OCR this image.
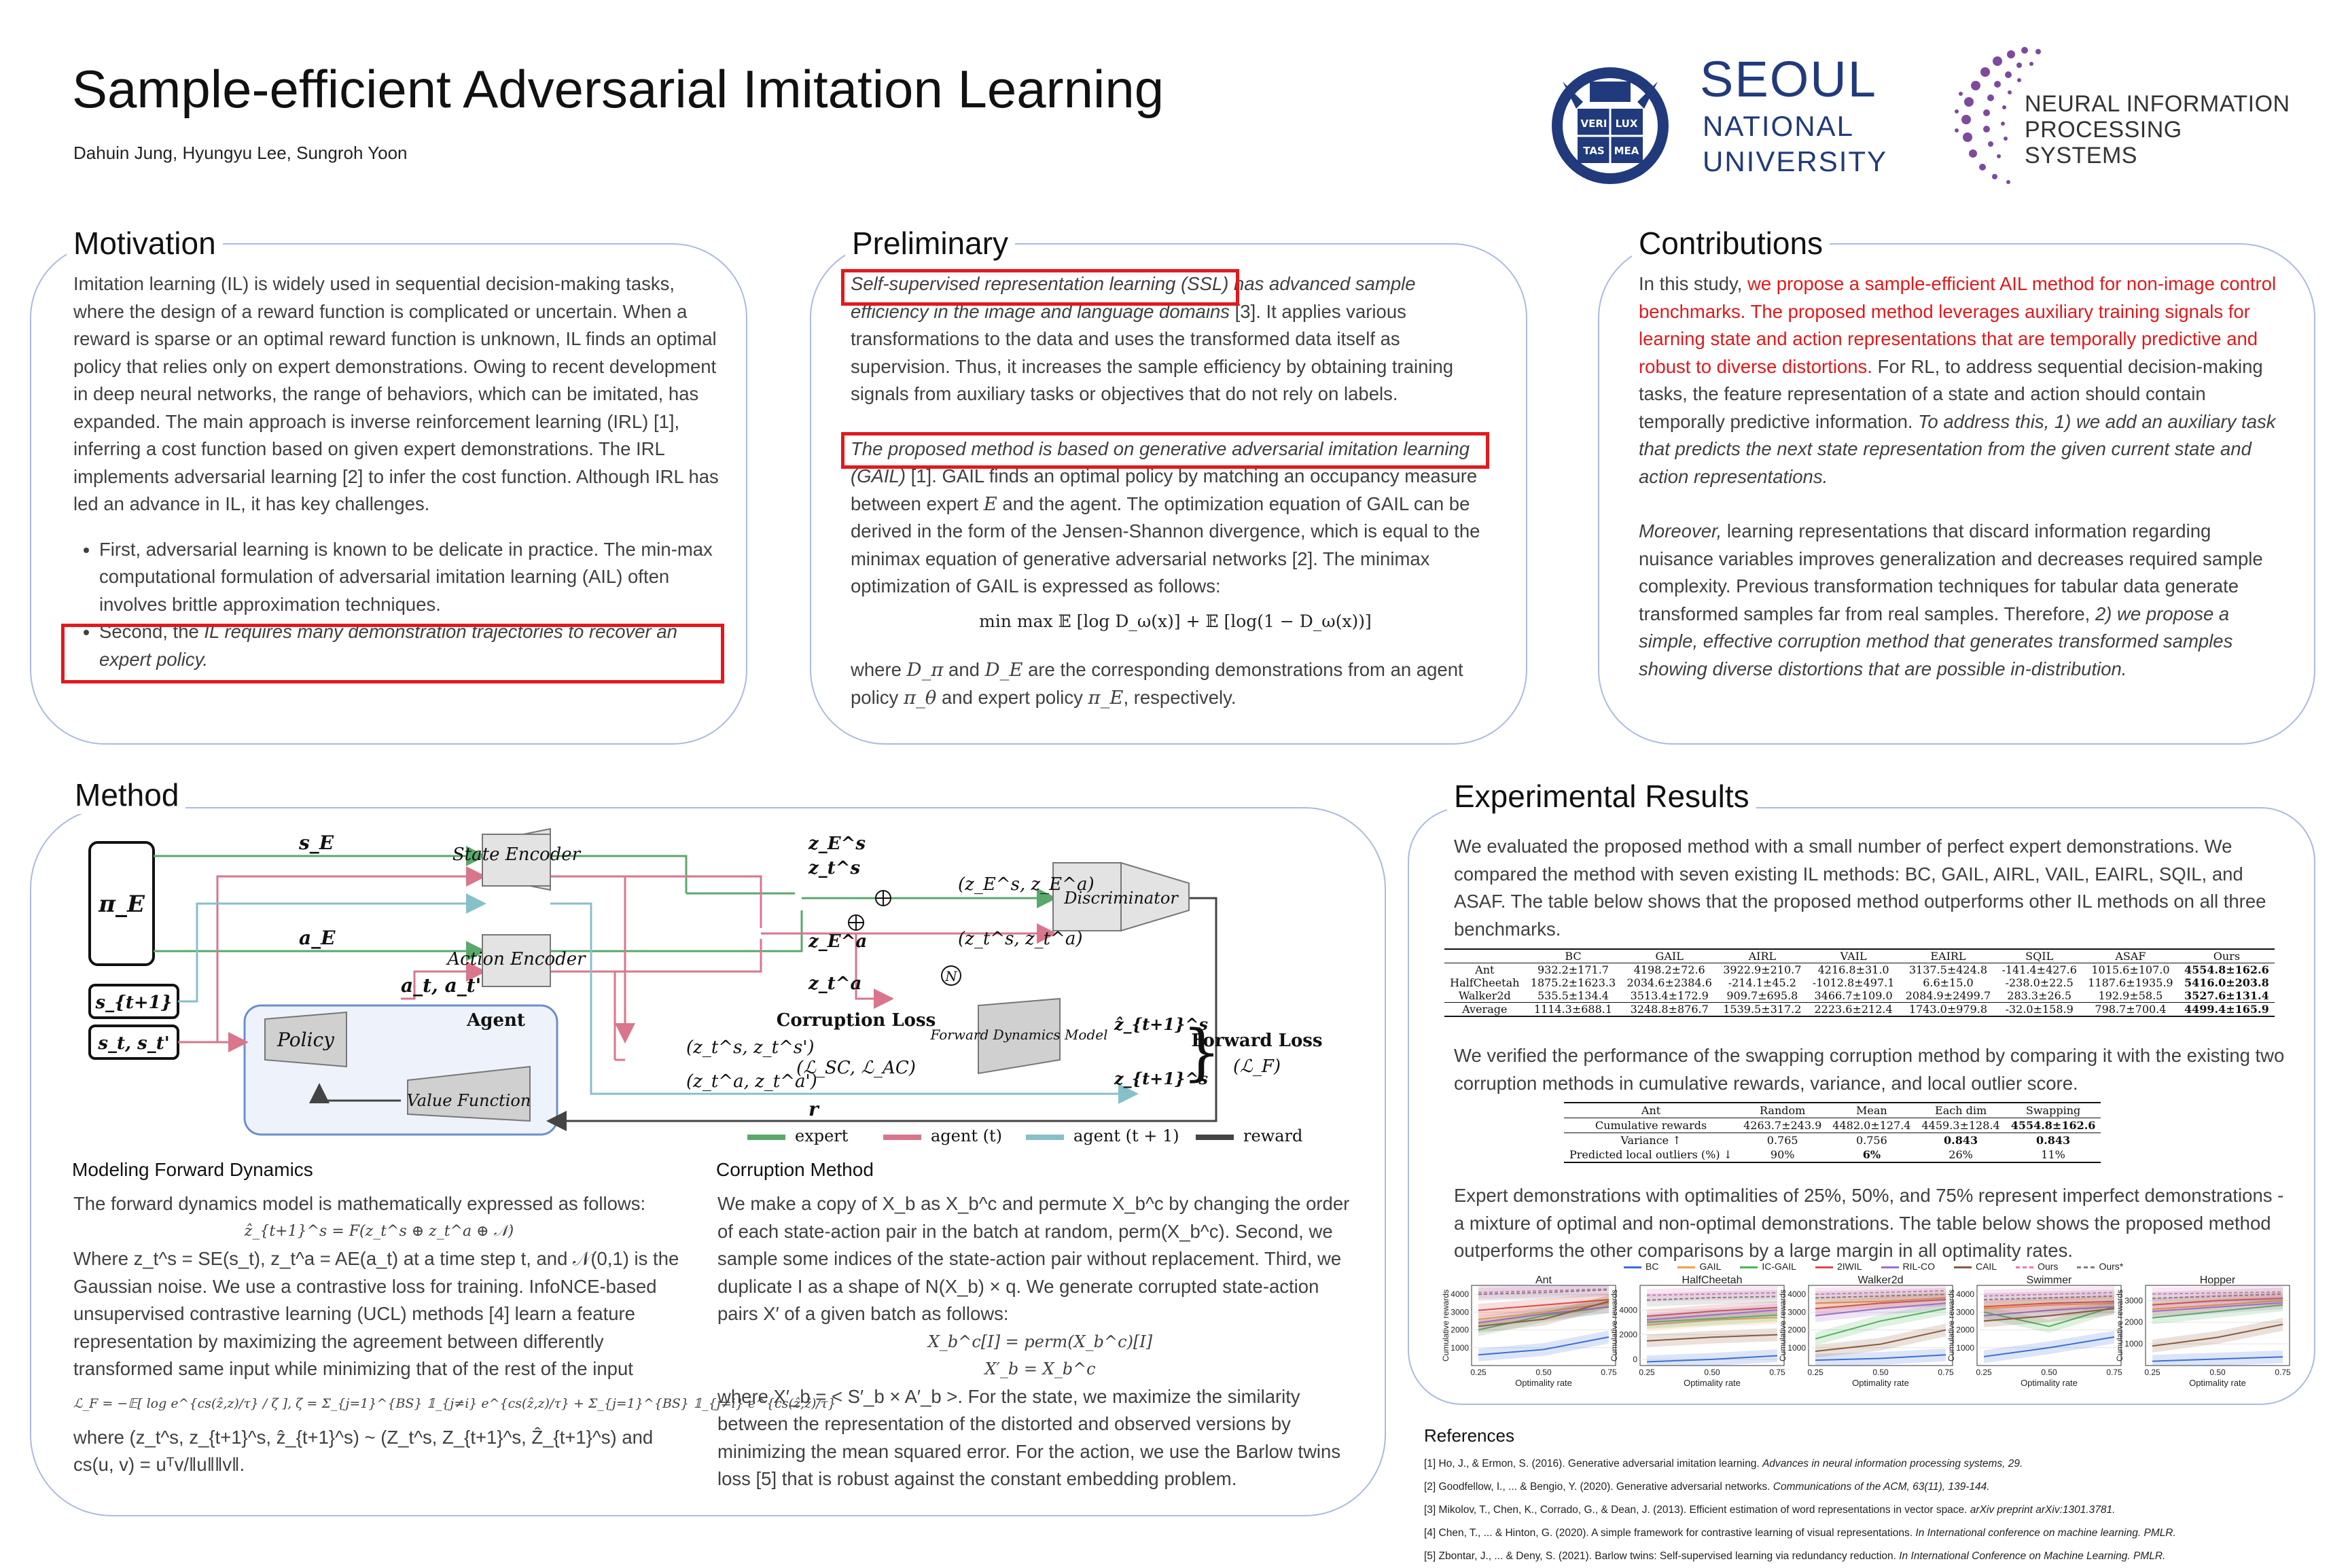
Sample-efficient Adversarial Imitation Learning
Dahuin Jung, Hyungyu Lee, Sungroh Yoon
VERI LUX
TAS MEA
SEOUL
NATIONAL
UNIVERSITY
NEURAL INFORMATION
PROCESSING SYSTEMS
Motivation

Imitation learning (IL) is widely used in sequential decision-making tasks, where the design of a reward function is complicated or uncertain. When a reward is sparse or an optimal reward function is unknown, IL finds an optimal policy that relies only on expert demonstrations. Owing to recent development in deep neural networks, the range of behaviors, which can be imitated, has expanded. The main approach is inverse reinforcement learning (IRL) [1], inferring a cost function based on given expert demonstrations. The IRL implements adversarial learning [2] to infer the cost function. Although IRL has led an advance in IL, it has key challenges.

• First, adversarial learning is known to be delicate in practice. The min-max computational formulation of adversarial imitation learning (AIL) often involves brittle approximation techniques.
• Second, the IL requires many demonstration trajectories to recover an expert policy.
Preliminary

Self-supervised representation learning (SSL) has advanced sample efficiency in the image and language domains [3]. It applies various transformations to the data and uses the transformed data itself as supervision. Thus, it increases the sample efficiency by obtaining training signals from auxiliary tasks or objectives that do not rely on labels.

The proposed method is based on generative adversarial imitation learning (GAIL) [1]. GAIL finds an optimal policy by matching an occupancy measure between expert E and the agent. The optimization equation of GAIL can be derived in the form of the Jensen-Shannon divergence, which is equal to the minimax equation of generative adversarial networks [2]. The minimax optimization of GAIL is expressed as follows:

min max 𝔼 [log D_ω(x)] + 𝔼 [log(1 − D_ω(x))]
where D_π and D_E are the corresponding demonstrations from an agent policy π_θ and expert policy π_E, respectively.
Contributions

In this study, we propose a sample-efficient AIL method for non-image control benchmarks. The proposed method leverages auxiliary training signals for learning state and action representations that are temporally predictive and robust to diverse distortions. For RL, to address sequential decision-making tasks, the feature representation of a state and action should contain temporally predictive information. To address this, 1) we add an auxiliary task that predicts the next state representation from the given current state and action representations.

Moreover, learning representations that discard information regarding nuisance variables improves generalization and decreases required sample complexity. Previous transformation techniques for tabular data generate transformed samples far from real samples. Therefore, 2) we propose a simple, effective corruption method that generates transformed samples showing diverse distortions that are possible in-distribution.

Method
π_E
s_{t+1}
s_t, s_t'
State Encoder
Action Encoder
Policy
Agent
Value Function
Discriminator
Forward Dynamics Model
z_E^s
z_t^s
z_E^a
z_t^a
s_E
a_E
a_t, a_t'
(z_E^s, z_E^a)
(z_t^s, z_t^a)
(z_t^s, z_t^s')
(z_t^a, z_t^a')
Corruption Loss
(ℒ_SC, ℒ_AC)
ẑ_{t+1}^s
z_{t+1}^s
}
Forward Loss
(ℒ_F)
r
N
expert	agent (t)	agent (t + 1)	reward
Modeling Forward Dynamics

The forward dynamics model is mathematically expressed as follows:

ẑ_{t+1}^s = F(z_t^s ⊕ z_t^a ⊕ 𝒩)

Where z_t^s = SE(s_t), z_t^a = AE(a_t) at a time step t, and 𝒩(0,1) is the Gaussian noise. We use a contrastive loss for training. InfoNCE-based unsupervised contrastive learning (UCL) methods [4] learn a feature representation by maximizing the agreement between differently transformed same input while minimizing that of the rest of the input

ℒ_F = −𝔼[ log e^{cs(ẑ,z)/τ} / ζ ], ζ = Σ_{j=1}^{BS} 𝟙_{j≠i} e^{cs(ẑ,z)/τ} + Σ_{j=1}^{BS} 𝟙_{j≠i} e^{cs(ẑ,ẑ)/τ}

where (z_t^s, z_{t+1}^s, ẑ_{t+1}^s) ~ (Z_t^s, Z_{t+1}^s, Ẑ_{t+1}^s) and cs(u, v) = uᵀv/‖u‖‖v‖.

Corruption Method

We make a copy of X_b as X_b^c and permute X_b^c by changing the order of each state-action pair in the batch at random, perm(X_b^c). Second, we sample some indices of the state-action pair without replacement. Third, we duplicate I as a shape of N(X_b) × q. We generate corrupted state-action pairs X′ of a given batch as follows:

X_b^c[I] = perm(X_b^c)[I]

X′_b = X_b^c

where X′_b = < S′_b × A′_b >. For the state, we maximize the similarity between the representation of the distorted and observed versions by minimizing the mean squared error. For the action, we use the Barlow twins loss [5] that is robust against the constant embedding problem.

Experimental Results
We evaluated the proposed method with a small number of perfect expert demonstrations. We compared the method with seven existing IL methods: BC, GAIL, AIRL, VAIL, EAIRL, SQIL, and ASAF. The table below shows that the proposed method outperforms other IL methods on all three benchmarks.
	BC	GAIL	AIRL	VAIL	EAIRL	SQIL	ASAF	Ours
Ant	932.2±171.7	4198.2±72.6	3922.9±210.7	4216.8±31.0	3137.5±424.8	-141.4±427.6	1015.6±107.0	4554.8±162.6
HalfCheetah	1875.2±1623.3	2034.6±2384.6	-214.1±45.2	-1012.8±497.1	6.6±15.0	-238.0±22.5	1187.6±1935.9	5416.0±203.8
Walker2d	535.5±134.4	3513.4±172.9	909.7±695.8	3466.7±109.0	2084.9±2499.7	283.3±26.5	192.9±58.5	3527.6±131.4
Average	1114.3±688.1	3248.8±876.7	1539.5±317.2	2223.6±212.4	1743.0±979.8	-32.0±158.9	798.7±700.4	4499.4±165.9
We verified the performance of the swapping corruption method by comparing it with the existing two corruption methods in cumulative rewards, variance, and local outlier score.
Ant	Random	Mean	Each dim	Swapping
Cumulative rewards	4263.7±243.9	4482.0±127.4	4459.3±128.4	4554.8±162.6
Variance ↑	0.765	0.756	0.843	0.843
Predicted local outliers (%) ↓	90%	6%	26%	11%
Expert demonstrations with optimalities of 25%, 50%, and 75% represent imperfect demonstrations - a mixture of optimal and non-optimal demonstrations. The table below shows the proposed method outperforms the other comparisons by a large margin in all optimality rates.
BC	GAIL	IC-GAIL	2IWIL	RIL-CO	CAIL	Ours	Ours*
Ant
1000
2000
3000
4000
0.25	0.50	0.75
Optimality rate
Cumulative rewards
HalfCheetah
0
2000
4000
0.25	0.50	0.75
Optimality rate
Cumulative rewards
Walker2d
1000
2000
3000
4000
0.25	0.50	0.75
Optimality rate
Cumulative rewards
Swimmer
1000
2000
3000
4000
0.25	0.50	0.75
Optimality rate
Cumulative rewards
Hopper
1000
2000
3000
0.25	0.50	0.75
Optimality rate
Cumulative rewards
References
[1] Ho, J., & Ermon, S. (2016). Generative adversarial imitation learning. Advances in neural information processing systems, 29.
[2] Goodfellow, I., ... & Bengio, Y. (2020). Generative adversarial networks. Communications of the ACM, 63(11), 139-144.
[3] Mikolov, T., Chen, K., Corrado, G., & Dean, J. (2013). Efficient estimation of word representations in vector space. arXiv preprint arXiv:1301.3781.
[4] Chen, T., ... & Hinton, G. (2020). A simple framework for contrastive learning of visual representations. In International conference on machine learning. PMLR.
[5] Zbontar, J., ... & Deny, S. (2021). Barlow twins: Self-supervised learning via redundancy reduction. In International Conference on Machine Learning. PMLR.
